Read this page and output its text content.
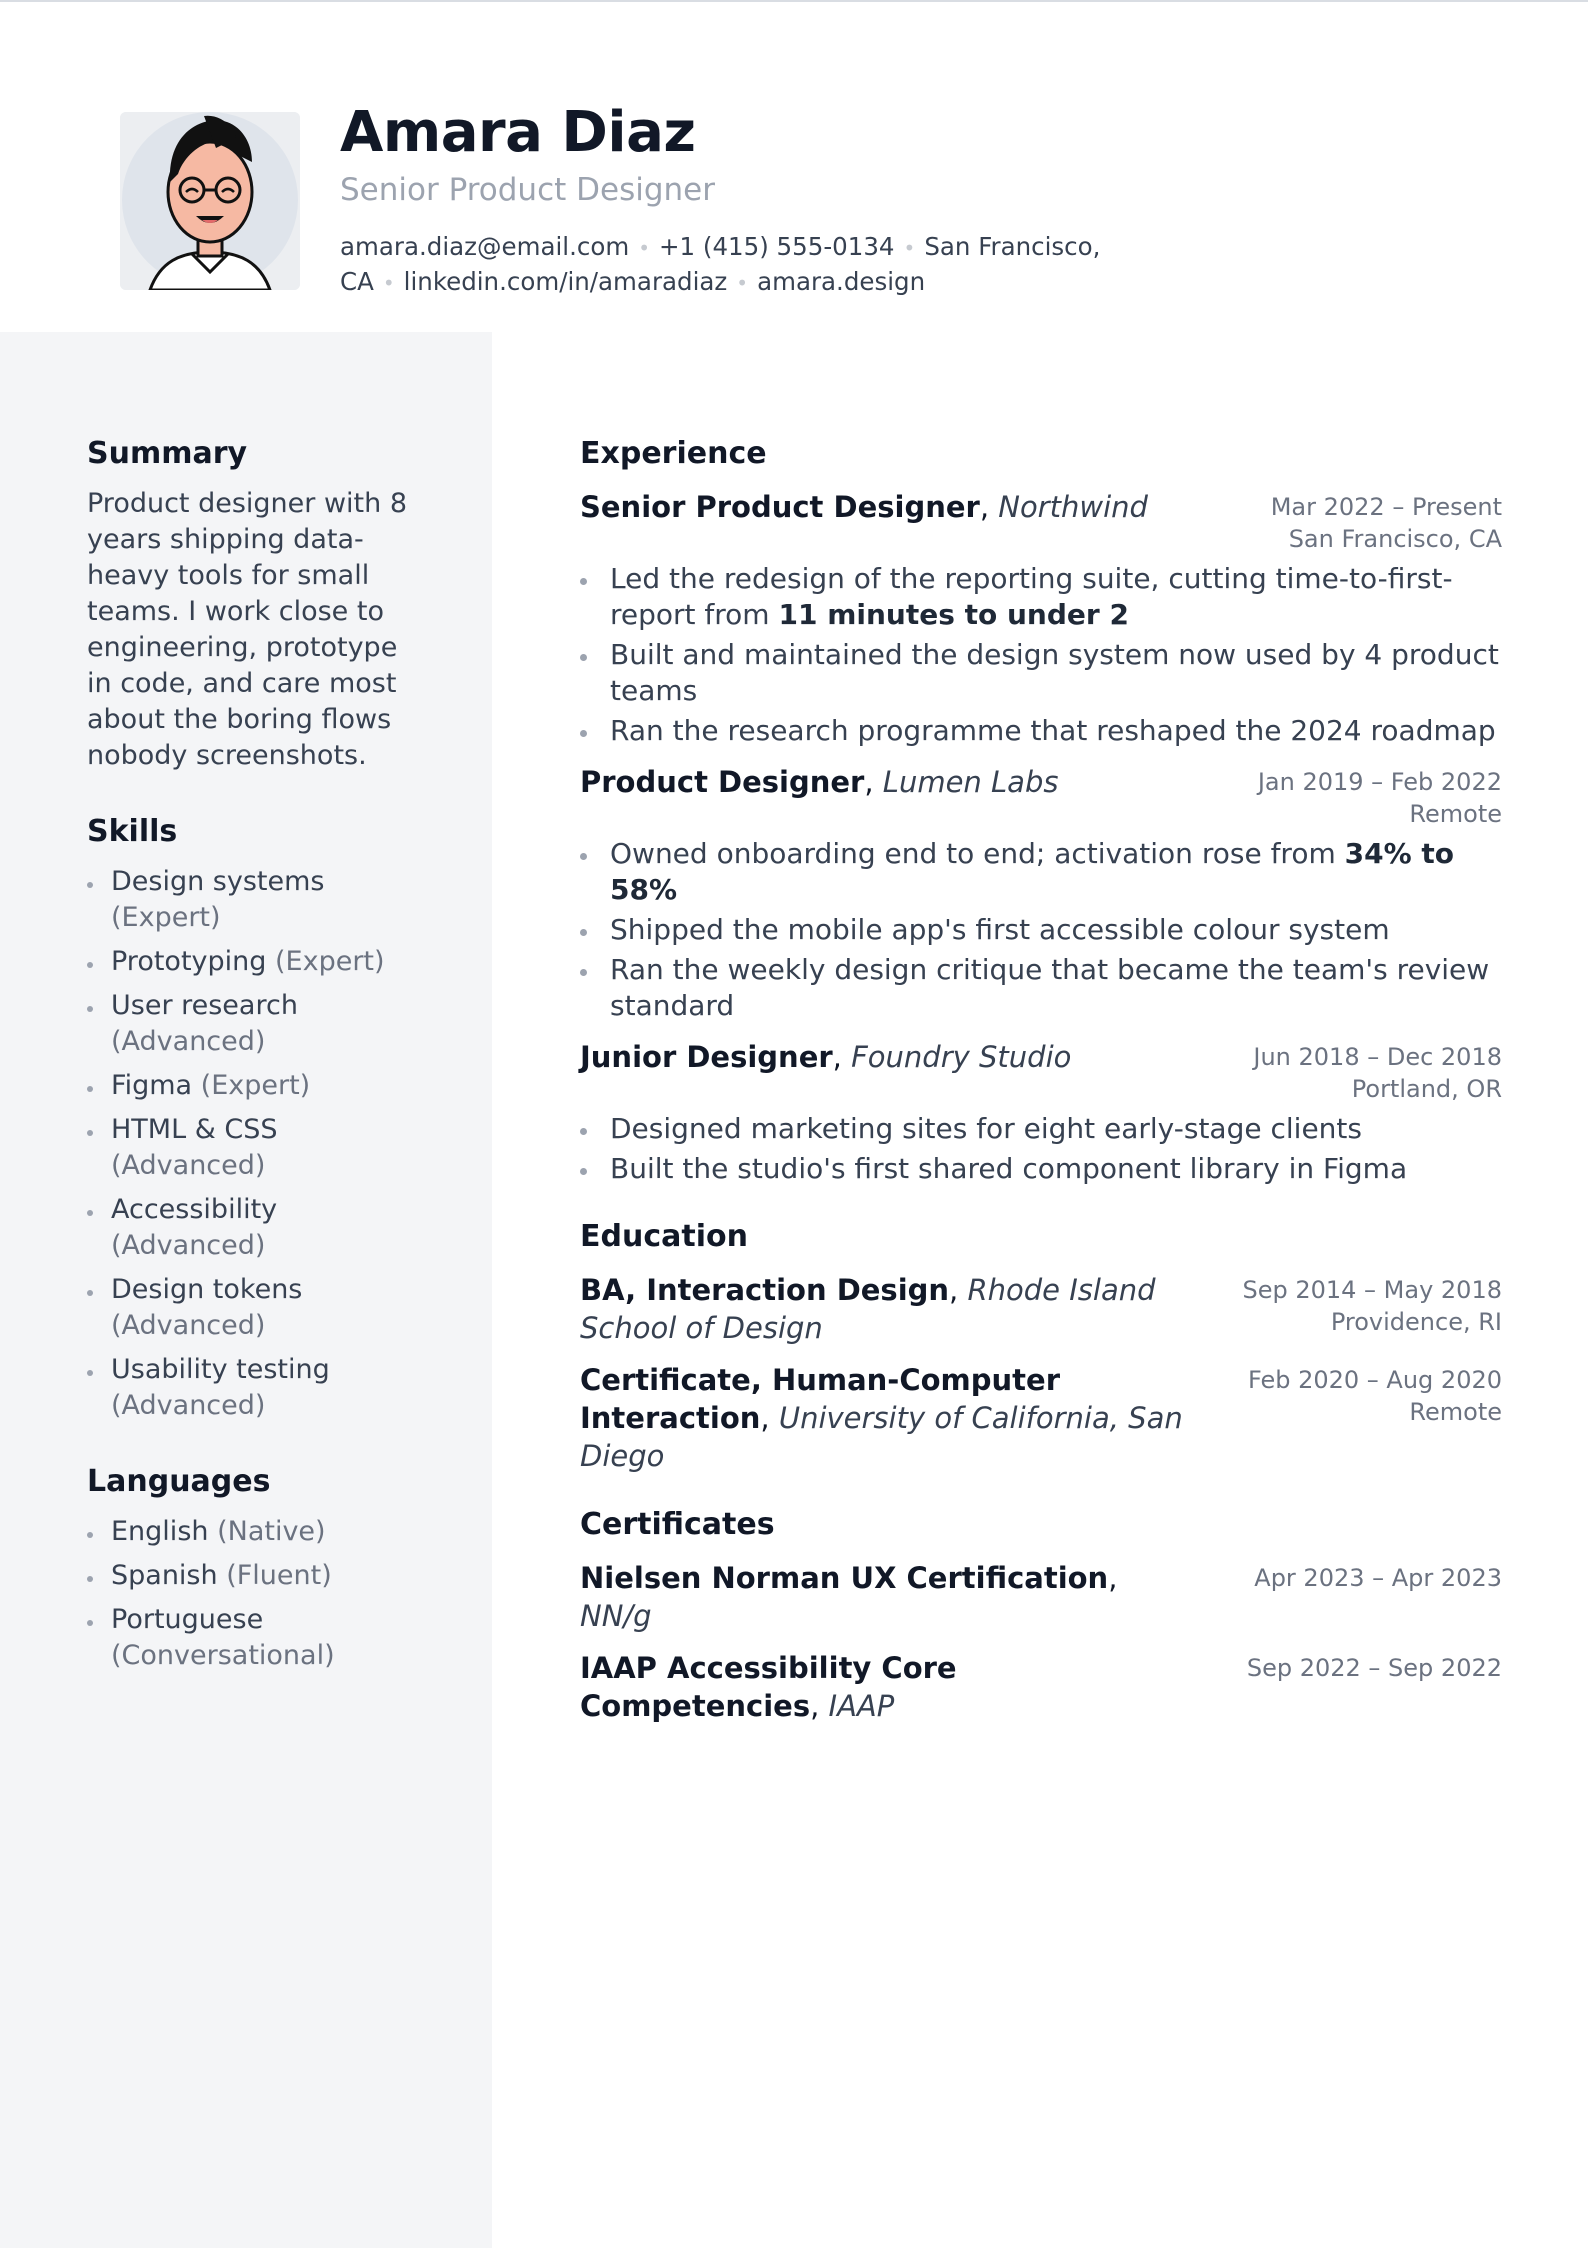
Amara Diaz
Senior Product Designer
amara.diaz@email.com • +1 (415) 555-0134 • San Francisco, CA • linkedin.com/in/amaradiaz • amara.design
Summary

Product designer with 8 years shipping data-heavy tools for small teams. I work close to engineering, prototype in code, and care most about the boring flows nobody screenshots.

Skills
Design systems (Expert)
Prototyping (Expert)
User research (Advanced)
Figma (Expert)
HTML & CSS (Advanced)
Accessibility (Advanced)
Design tokens (Advanced)
Usability testing (Advanced)
Languages
English (Native)
Spanish (Fluent)
Portuguese (Conversational)
Experience
Senior Product Designer, Northwind	Mar 2022 – Present
San Francisco, CA
Led the redesign of the reporting suite, cutting time-to-first-report from 11 minutes to under 2
Built and maintained the design system now used by 4 product teams
Ran the research programme that reshaped the 2024 roadmap
Product Designer, Lumen Labs	Jan 2019 – Feb 2022
Remote
Owned onboarding end to end; activation rose from 34% to 58%
Shipped the mobile app's first accessible colour system
Ran the weekly design critique that became the team's review standard
Junior Designer, Foundry Studio	Jun 2018 – Dec 2018
Portland, OR
Designed marketing sites for eight early-stage clients
Built the studio's first shared component library in Figma
Education
BA, Interaction Design, Rhode Island School of Design
Sep 2014 – May 2018
Providence, RI
Certificate, Human-Computer Interaction, University of California, San Diego
Feb 2020 – Aug 2020
Remote
Certificates
Nielsen Norman UX Certification, NN/g
Apr 2023 – Apr 2023
IAAP Accessibility Core Competencies, IAAP
Sep 2022 – Sep 2022
